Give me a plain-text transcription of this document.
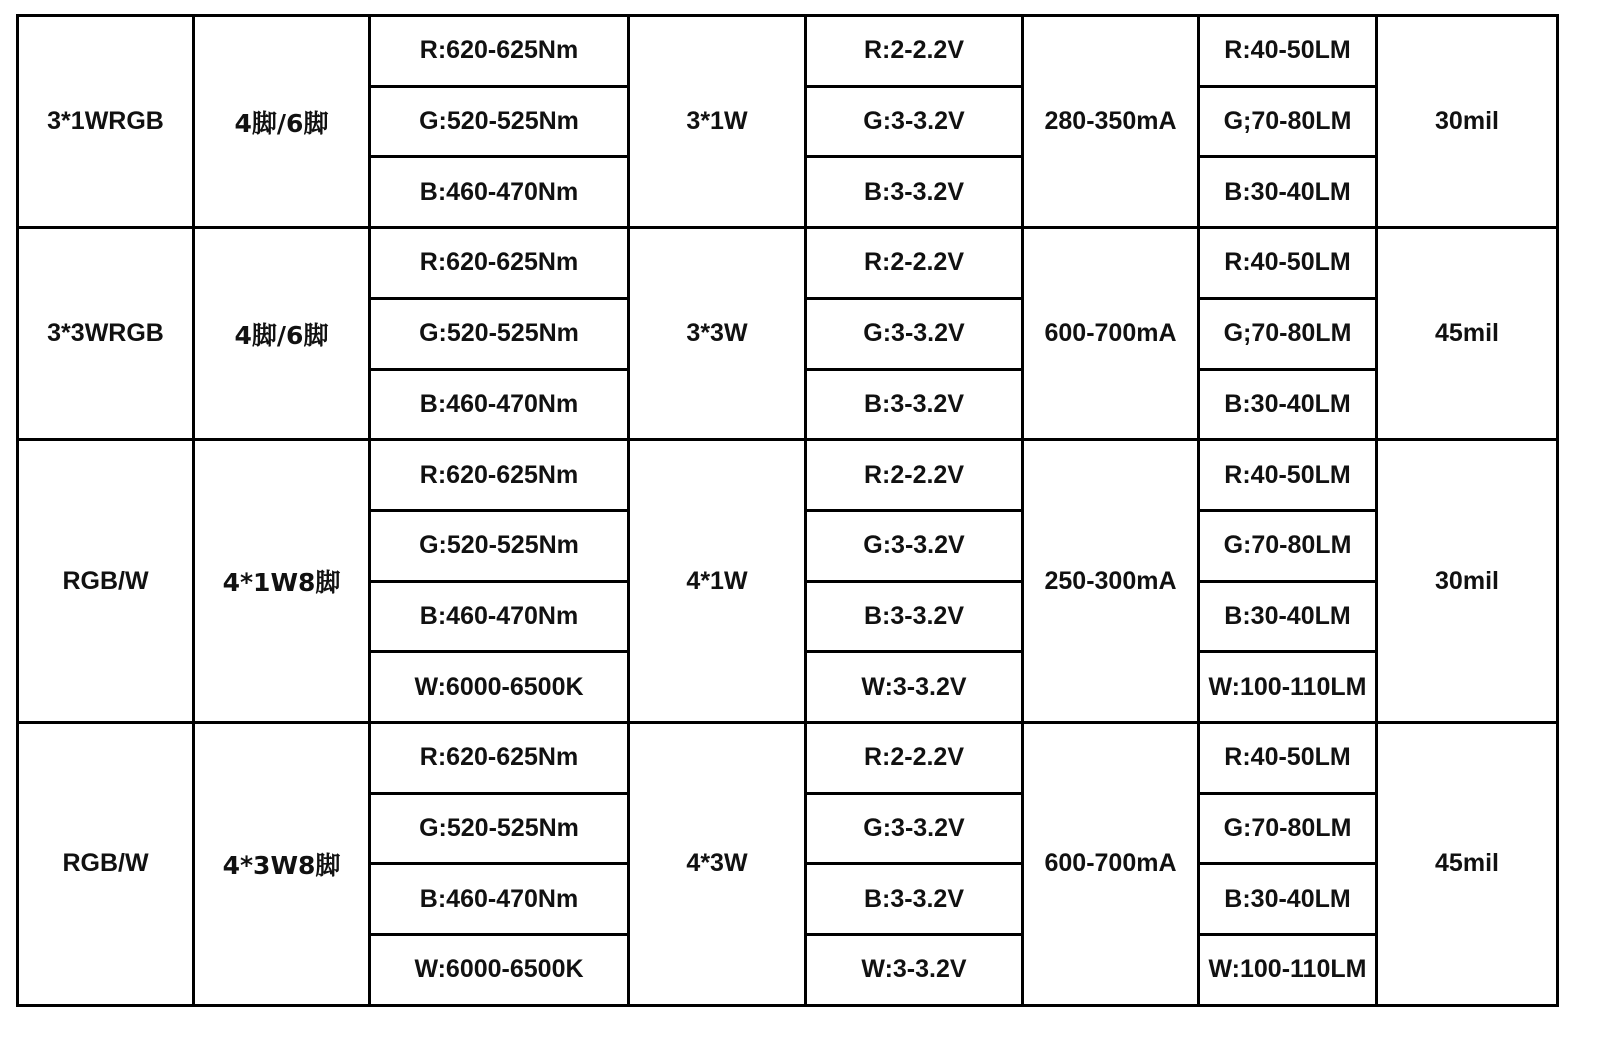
3*1WRGB	4脚/6脚	R:620-625Nm	3*1W	R:2-2.2V	280-350mA	R:40-50LM	30mil
		G:520-525Nm		G:3-3.2V		G;70-80LM	
		B:460-470Nm		B:3-3.2V		B:30-40LM	
3*3WRGB	4脚/6脚	R:620-625Nm	3*3W	R:2-2.2V	600-700mA	R:40-50LM	45mil
		G:520-525Nm		G:3-3.2V		G;70-80LM	
		B:460-470Nm		B:3-3.2V		B:30-40LM	
RGB/W	4*1W8脚	R:620-625Nm	4*1W	R:2-2.2V	250-300mA	R:40-50LM	30mil
		G:520-525Nm		G:3-3.2V		G:70-80LM	
		B:460-470Nm		B:3-3.2V		B:30-40LM	
		W:6000-6500K		W:3-3.2V		W:100-110LM	
RGB/W	4*3W8脚	R:620-625Nm	4*3W	R:2-2.2V	600-700mA	R:40-50LM	45mil
		G:520-525Nm		G:3-3.2V		G:70-80LM	
		B:460-470Nm		B:3-3.2V		B:30-40LM	
		W:6000-6500K		W:3-3.2V		W:100-110LM	
